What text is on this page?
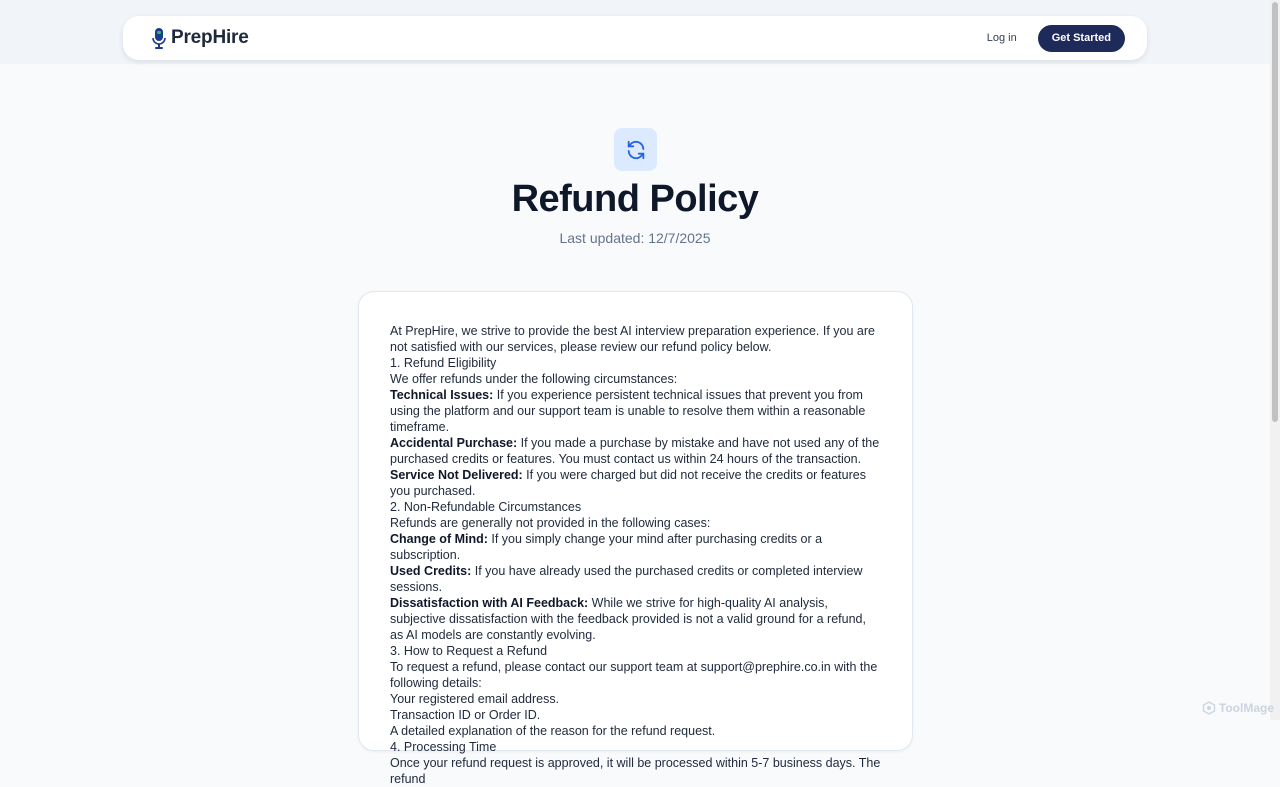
PrepHire	Log in	Get Started
Refund Policy
Last updated: 12/7/2025

At PrepHire, we strive to provide the best AI interview preparation experience. If you are not satisfied with our services, please review our refund policy below.

1. Refund Eligibility

We offer refunds under the following circumstances:

Technical Issues: If you experience persistent technical issues that prevent you from using the platform and our support team is unable to resolve them within a reasonable timeframe.

Accidental Purchase: If you made a purchase by mistake and have not used any of the purchased credits or features. You must contact us within 24 hours of the transaction.

Service Not Delivered: If you were charged but did not receive the credits or features you purchased.

2. Non-Refundable Circumstances

Refunds are generally not provided in the following cases:

Change of Mind: If you simply change your mind after purchasing credits or a subscription.

Used Credits: If you have already used the purchased credits or completed interview sessions.

Dissatisfaction with AI Feedback: While we strive for high-quality AI analysis, subjective dissatisfaction with the feedback provided is not a valid ground for a refund, as AI models are constantly evolving.

3. How to Request a Refund

To request a refund, please contact our support team at support@prephire.co.in with the following details:

Your registered email address.

Transaction ID or Order ID.

A detailed explanation of the reason for the refund request.

4. Processing Time

Once your refund request is approved, it will be processed within 5-7 business days. The refund

ToolMage
